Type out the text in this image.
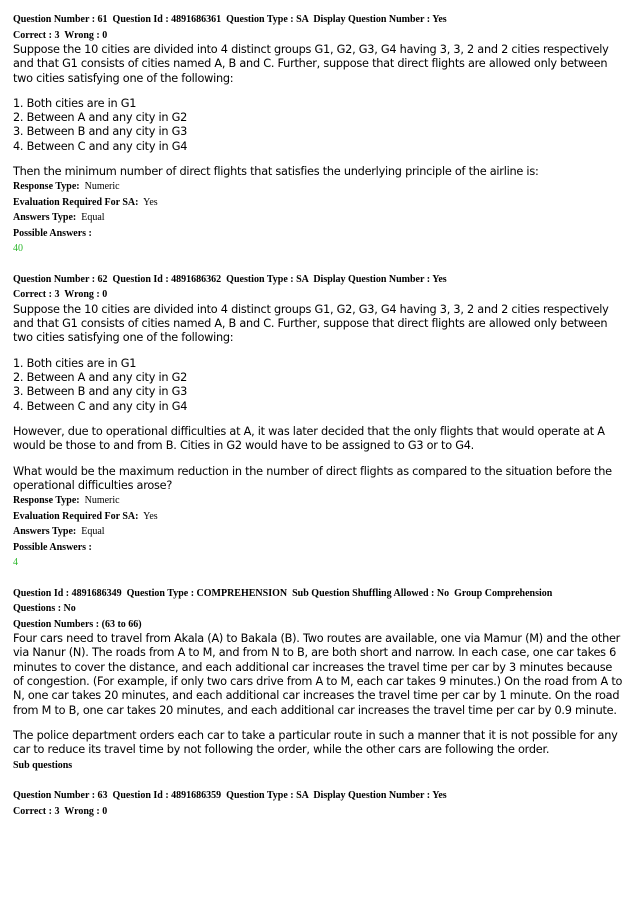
Question Number : 61  Question Id : 4891686361  Question Type : SA  Display Question Number : Yes
Correct : 3  Wrong : 0

Suppose the 10 cities are divided into 4 distinct groups G1, G2, G3, G4 having 3, 3, 2 and 2 cities respectively and that G1 consists of cities named A, B and C. Further, suppose that direct flights are allowed only between two cities satisfying one of the following:

1. Both cities are in G1

2. Between A and any city in G2

3. Between B and any city in G3

4. Between C and any city in G4

Then the minimum number of direct flights that satisfies the underlying principle of the airline is:

Response Type: Numeric
Evaluation Required For SA: Yes
Answers Type: Equal
Possible Answers :
40
Question Number : 62  Question Id : 4891686362  Question Type : SA  Display Question Number : Yes
Correct : 3  Wrong : 0

Suppose the 10 cities are divided into 4 distinct groups G1, G2, G3, G4 having 3, 3, 2 and 2 cities respectively and that G1 consists of cities named A, B and C. Further, suppose that direct flights are allowed only between two cities satisfying one of the following:

1. Both cities are in G1

2. Between A and any city in G2

3. Between B and any city in G3

4. Between C and any city in G4

However, due to operational difficulties at A, it was later decided that the only flights that would operate at A would be those to and from B. Cities in G2 would have to be assigned to G3 or to G4.

What would be the maximum reduction in the number of direct flights as compared to the situation before the operational difficulties arose?

Response Type: Numeric
Evaluation Required For SA: Yes
Answers Type: Equal
Possible Answers :
4
Question Id : 4891686349  Question Type : COMPREHENSION  Sub Question Shuffling Allowed : No  Group Comprehension
Questions : No
Question Numbers : (63 to 66)

Four cars need to travel from Akala (A) to Bakala (B). Two routes are available, one via Mamur (M) and the other via Nanur (N). The roads from A to M, and from N to B, are both short and narrow. In each case, one car takes 6 minutes to cover the distance, and each additional car increases the travel time per car by 3 minutes because of congestion. (For example, if only two cars drive from A to M, each car takes 9 minutes.) On the road from A to N, one car takes 20 minutes, and each additional car increases the travel time per car by 1 minute. On the road from M to B, one car takes 20 minutes, and each additional car increases the travel time per car by 0.9 minute.

The police department orders each car to take a particular route in such a manner that it is not possible for any car to reduce its travel time by not following the order, while the other cars are following the order.

Sub questions
Question Number : 63  Question Id : 4891686359  Question Type : SA  Display Question Number : Yes
Correct : 3  Wrong : 0
